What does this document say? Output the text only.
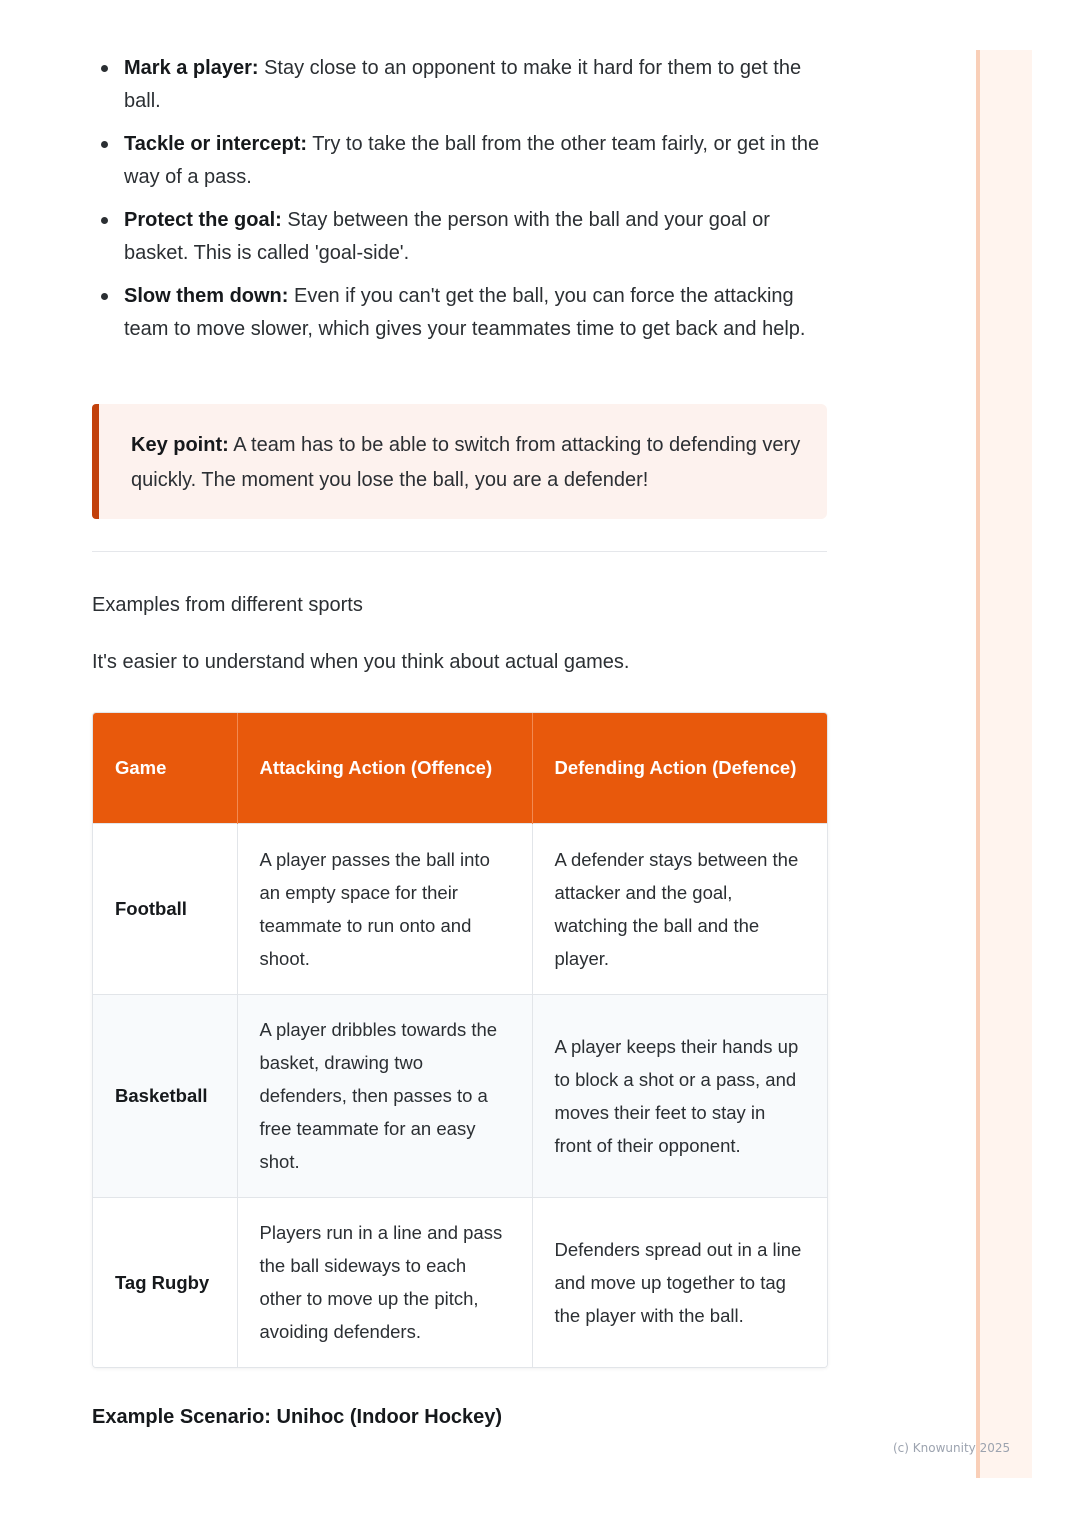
Mark a player: Stay close to an opponent to make it hard for them to get the ball.
Tackle or intercept: Try to take the ball from the other team fairly, or get in the way of a pass.
Protect the goal: Stay between the person with the ball and your goal or basket. This is called 'goal-side'.
Slow them down: Even if you can't get the ball, you can force the attacking team to move slower, which gives your teammates time to get back and help.
Key point: A team has to be able to switch from attacking to defending very quickly. The moment you lose the ball, you are a defender!
Examples from different sports
It's easier to understand when you think about actual games.
Game	Attacking Action (Offence)	Defending Action (Defence)
Football	A player passes the ball into an empty space for their teammate to run onto and shoot.	A defender stays between the attacker and the goal, watching the ball and the player.
Basketball	A player dribbles towards the basket, drawing two defenders, then passes to a free teammate for an easy shot.	A player keeps their hands up to block a shot or a pass, and moves their feet to stay in front of their opponent.
Tag Rugby	Players run in a line and pass the ball sideways to each other to move up the pitch, avoiding defenders.	Defenders spread out in a line and move up together to tag the player with the ball.
Example Scenario: Unihoc (Indoor Hockey)
(c) Knowunity 2025
